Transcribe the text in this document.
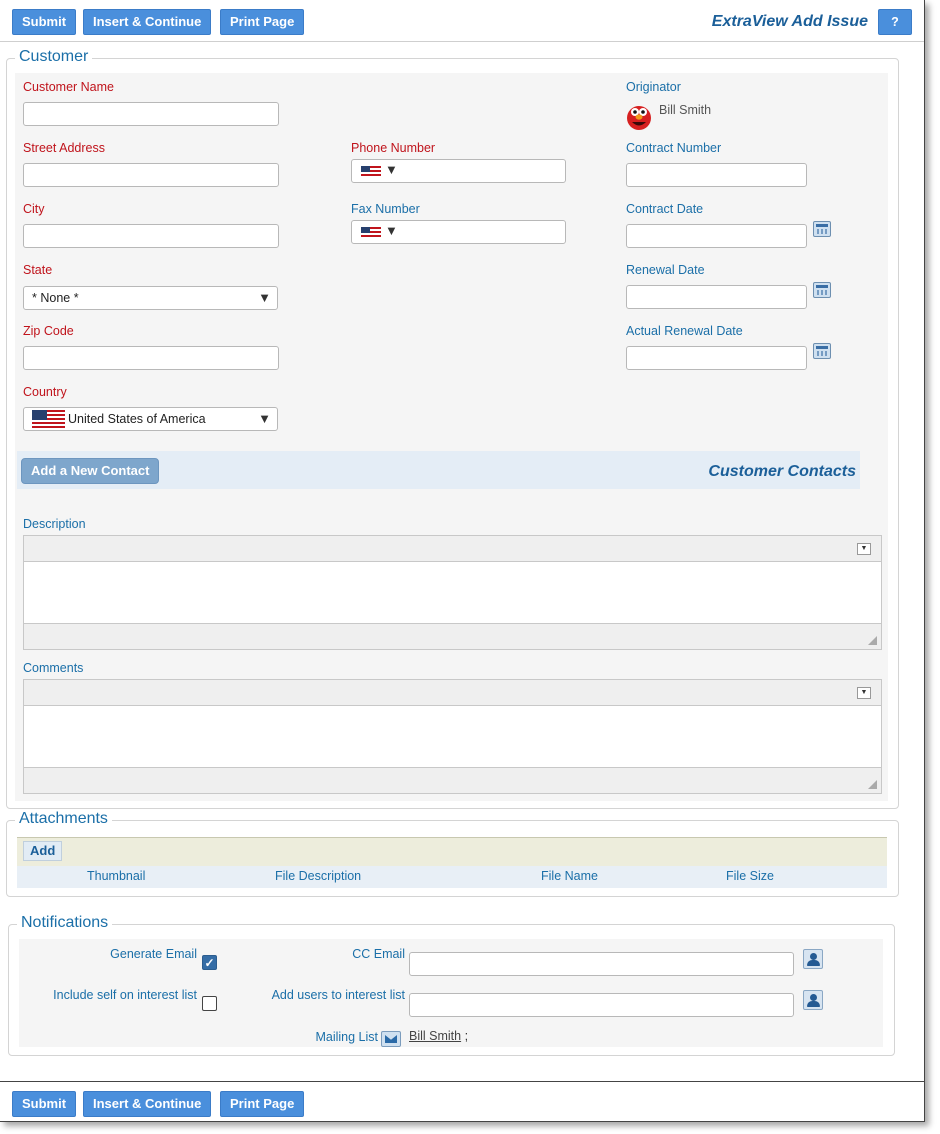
Submit	Insert & Continue	Print Page	ExtraView Add Issue	?
Customer
Customer Name
Street Address
City
State
* None *	▼
Zip Code
Country
United States of America	▼
Phone Number
▼
Fax Number
▼
Originator
Bill Smith
Contract Number
Contract Date
Renewal Date
Actual Renewal Date
Add a New Contact	Customer Contacts
Description
▼
Comments
▼
Attachments
Add
Thumbnail	File Description	File Name	File Size
Notifications
Generate Email
✓
Include self on interest list
CC Email
Add users to interest list
Mailing List Bill Smith ;
Submit	Insert & Continue	Print Page
